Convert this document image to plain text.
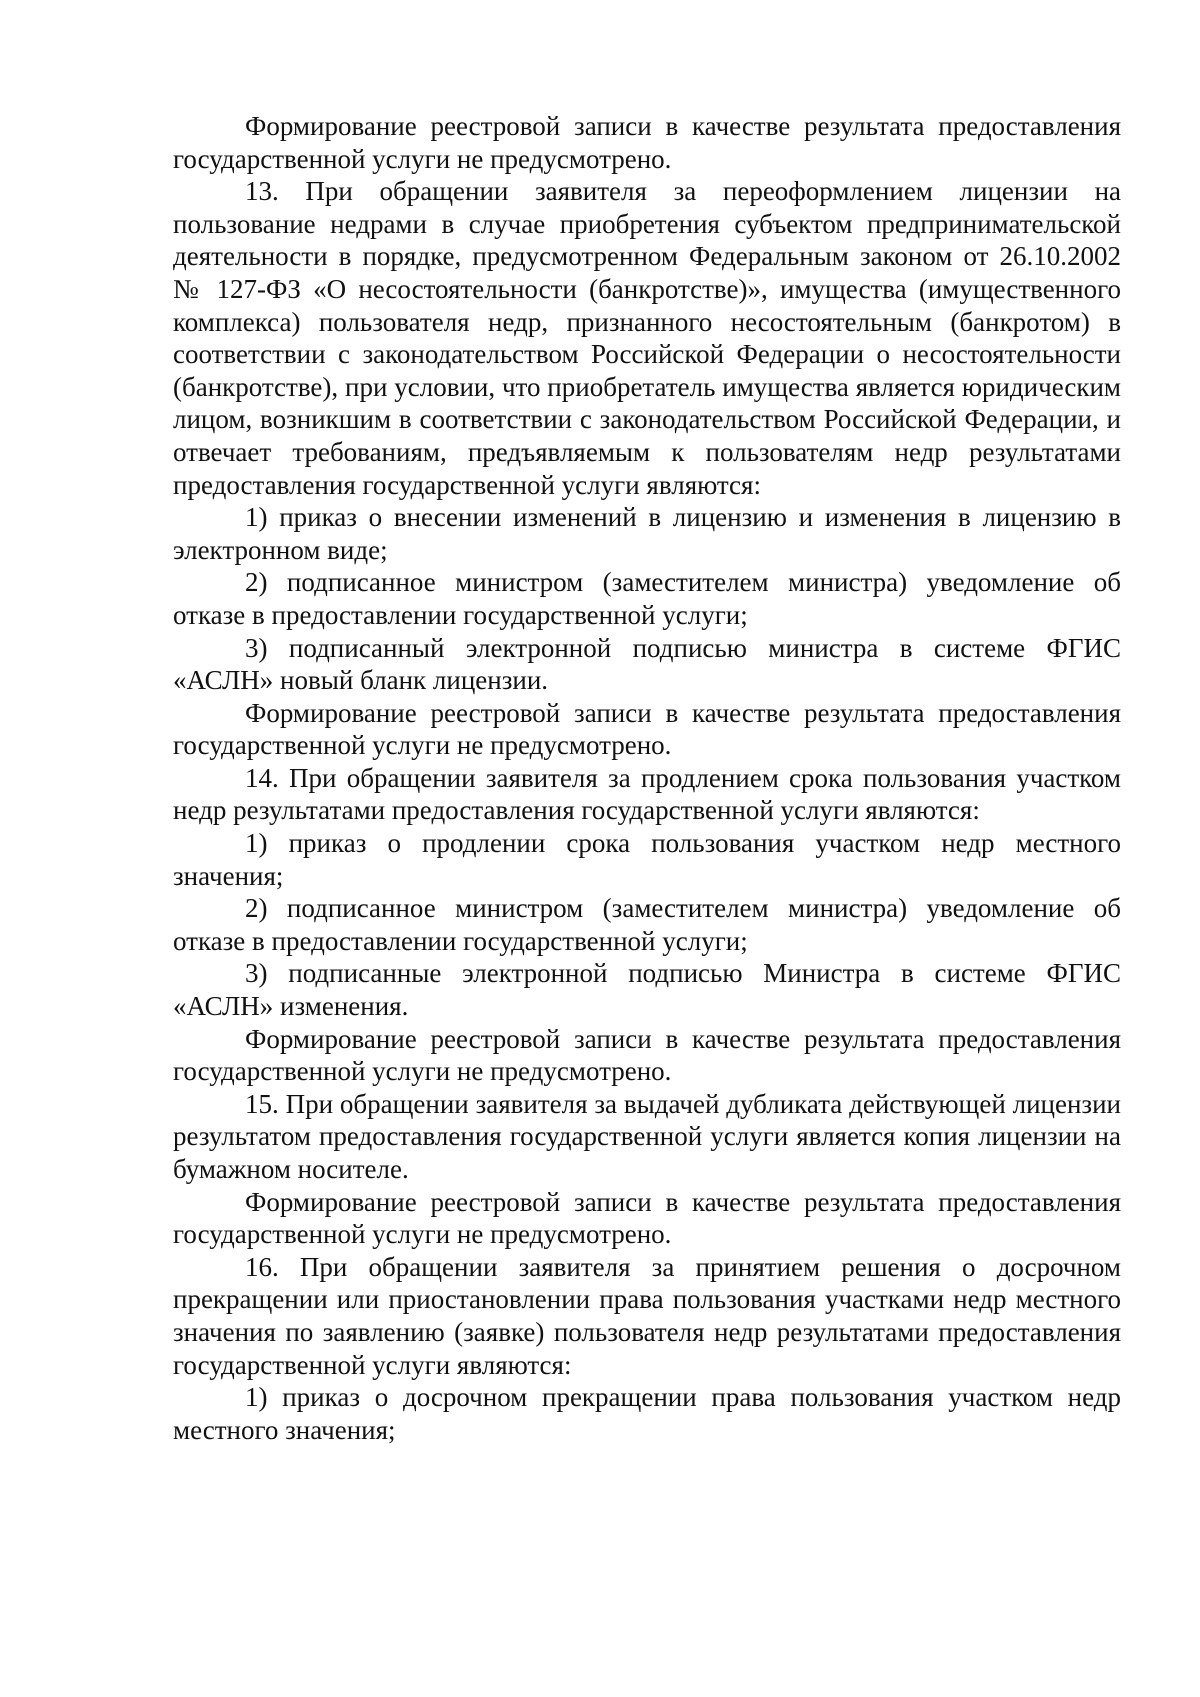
Формирование реестровой записи в качестве результата предоставления государственной услуги не предусмотрено.

13. При обращении заявителя за переоформлением лицензии на пользование недрами в случае приобретения субъектом предпринимательской деятельности в порядке, предусмотренном Федеральным законом от 26.10.2002 № 127-ФЗ «О несостоятельности (банкротстве)», имущества (имущественного комплекса) пользователя недр, признанного несостоятельным (банкротом) в соответствии с законодательством Российской Федерации о несостоятельности (банкротстве), при условии, что приобретатель имущества является юридическим лицом, возникшим в соответствии с законодательством Российской Федерации, и отвечает требованиям, предъявляемым к пользователям недр результатами предоставления государственной услуги являются:

1) приказ о внесении изменений в лицензию и изменения в лицензию в электронном виде;

2) подписанное министром (заместителем министра) уведомление об отказе в предоставлении государственной услуги;

3) подписанный электронной подписью министра в системе ФГИС «АСЛН» новый бланк лицензии.

Формирование реестровой записи в качестве результата предоставления государственной услуги не предусмотрено.

14. При обращении заявителя за продлением срока пользования участком недр результатами предоставления государственной услуги являются:

1) приказ о продлении срока пользования участком недр местного значения;

2) подписанное министром (заместителем министра) уведомление об отказе в предоставлении государственной услуги;

3) подписанные электронной подписью Министра в системе ФГИС «АСЛН» изменения.

Формирование реестровой записи в качестве результата предоставления государственной услуги не предусмотрено.

15. При обращении заявителя за выдачей дубликата действующей лицензии результатом предоставления государственной услуги является копия лицензии на бумажном носителе.

Формирование реестровой записи в качестве результата предоставления государственной услуги не предусмотрено.

16. При обращении заявителя за принятием решения о досрочном прекращении или приостановлении права пользования участками недр местного значения по заявлению (заявке) пользователя недр результатами предоставления государственной услуги являются:

1) приказ о досрочном прекращении права пользования участком недр местного значения;
